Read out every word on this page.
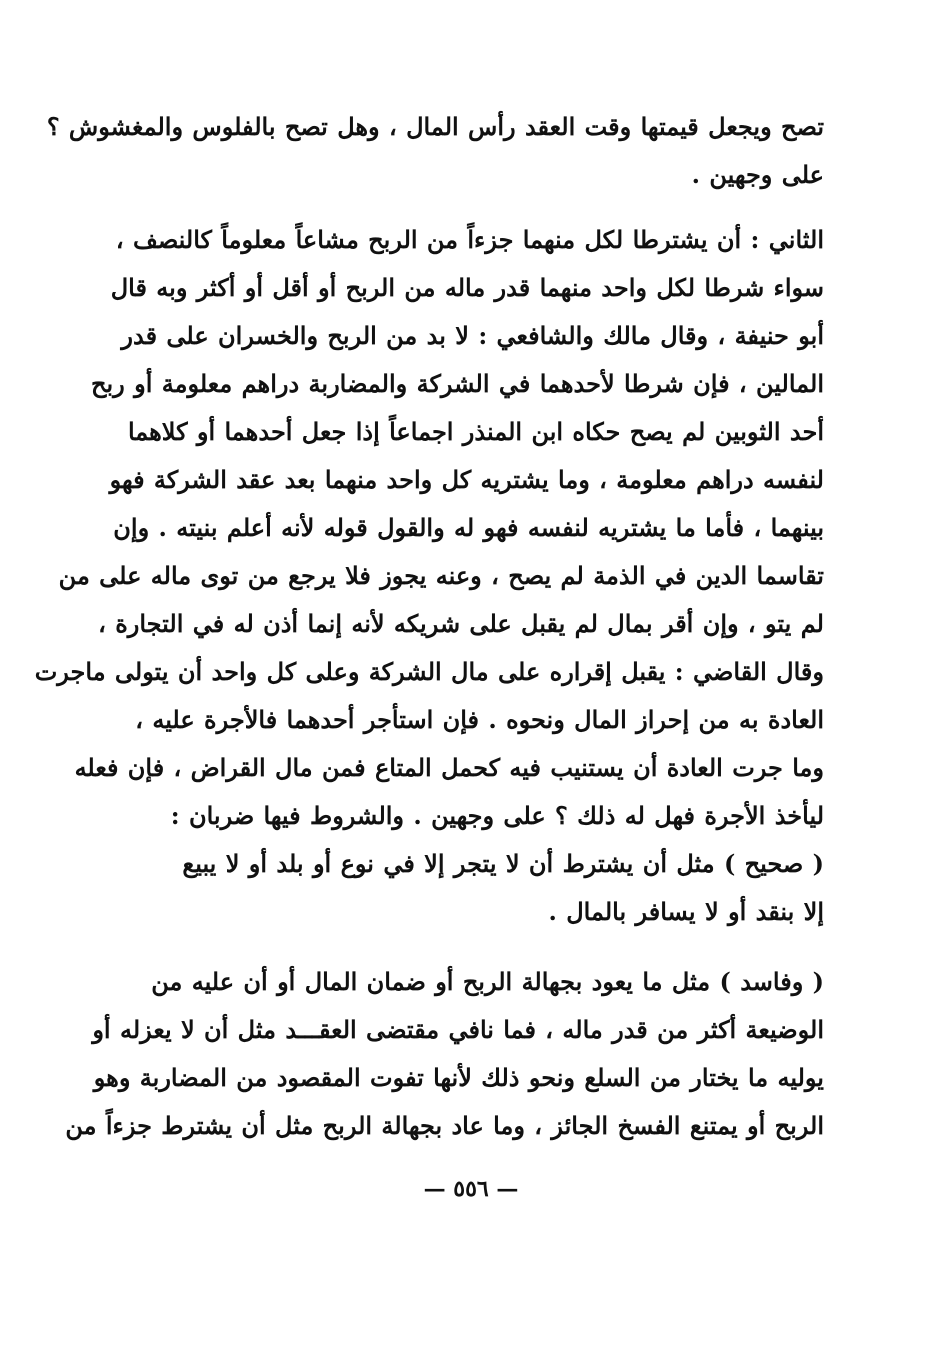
تصح ويجعل قيمتها وقت العقد رأس المال ، وهل تصح بالفلوس والمغشوش ؟
على وجهين .
الثاني : أن يشترطا لكل منهما جزءاً من الربح مشاعاً معلوماً كالنصف ،
سواء شرطا لكل واحد منهما قدر ماله من الربح أو أقل أو أكثر وبه قال
أبو حنيفة ، وقال مالك والشافعي : لا بد من الربح والخسران على قدر
المالين ، فإن شرطا لأحدهما في الشركة والمضاربة دراهم معلومة أو ربح
أحد الثوبين لم يصح حكاه ابن المنذر اجماعاً إذا جعل أحدهما أو كلاهما
لنفسه دراهم معلومة ، وما يشتريه كل واحد منهما بعد عقد الشركة فهو
بينهما ، فأما ما يشتريه لنفسه فهو له والقول قوله لأنه أعلم بنيته . وإن
تقاسما الدين في الذمة لم يصح ، وعنه يجوز فلا يرجع من توى ماله على من
لم يتو ، وإن أقر بمال لم يقبل على شريكه لأنه إنما أذن له في التجارة ،
وقال القاضي : يقبل إقراره على مال الشركة وعلى كل واحد أن يتولى ماجرت
العادة به من إحراز المال ونحوه . فإن استأجر أحدهما فالأجرة عليه ،
وما جرت العادة أن يستنيب فيه كحمل المتاع فمن مال القراض ، فإن فعله
ليأخذ الأجرة فهل له ذلك ؟ على وجهين . والشروط فيها ضربان :
( صحيح ) مثل أن يشترط أن لا يتجر إلا في نوع أو بلد أو لا يبيع
إلا بنقد أو لا يسافر بالمال .
( وفاسد ) مثل ما يعود بجهالة الربح أو ضمان المال أو أن عليه من
الوضيعة أكثر من قدر ماله ، فما نافي مقتضى العقـــد مثل أن لا يعزله أو
يوليه ما يختار من السلع ونحو ذلك لأنها تفوت المقصود من المضاربة وهو
الربح أو يمتنع الفسخ الجائز ، وما عاد بجهالة الربح مثل أن يشترط جزءاً من
— ٥٥٦ —
